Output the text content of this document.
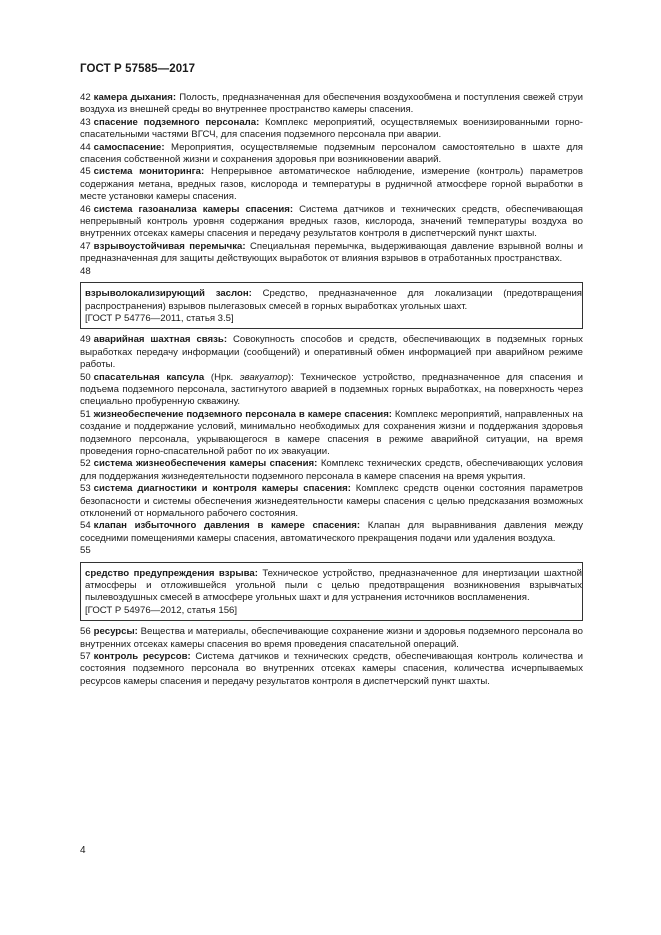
ГОСТ Р 57585—2017

42 камера дыхания: Полость, предназначенная для обеспечения воздухообмена и поступления свежей струи воздуха из внешней среды во внутреннее пространство камеры спасения.

43 спасение подземного персонала: Комплекс мероприятий, осуществляемых военизированными горно-спасательными частями ВГСЧ, для спасения подземного персонала при аварии.

44 самоспасение: Мероприятия, осуществляемые подземным персоналом самостоятельно в шахте для спасения собственной жизни и сохранения здоровья при возникновении аварий.

45 система мониторинга: Непрерывное автоматическое наблюдение, измерение (контроль) параметров содержания метана, вредных газов, кислорода и температуры в рудничной атмосфере горной выработки в месте установки камеры спасения.

46 система газоанализа камеры спасения: Система датчиков и технических средств, обеспечивающая непрерывный контроль уровня содержания вредных газов, кислорода, значений температуры воздуха во внутренних отсеках камеры спасения и передачу результатов контроля в диспетчерский пункт шахты.

47 взрывоустойчивая перемычка: Специальная перемычка, выдерживающая давление взрывной волны и предназначенная для защиты действующих выработок от влияния взрывов в отработанных пространствах.

48

взрыволокализирующий заслон: Средство, предназначенное для локализации (предотвращения распространения) взрывов пылегазовых смесей в горных выработках угольных шахт.

[ГОСТ Р 54776—2011, статья 3.5]

49 аварийная шахтная связь: Совокупность способов и средств, обеспечивающих в подземных горных выработках передачу информации (сообщений) и оперативный обмен информацией при аварийном режиме работы.

50 спасательная капсула (Нрк. эвакуатор): Техническое устройство, предназначенное для спасения и подъема подземного персонала, застигнутого аварией в подземных горных выработках, на поверхность через специально пробуренную скважину.

51 жизнеобеспечение подземного персонала в камере спасения: Комплекс мероприятий, направленных на создание и поддержание условий, минимально необходимых для сохранения жизни и поддержания здоровья подземного персонала, укрывающегося в камере спасения в режиме аварийной ситуации, на время проведения горно-спасательной работ по их эвакуации.

52 система жизнеобеспечения камеры спасения: Комплекс технических средств, обеспечивающих условия для поддержания жизнедеятельности подземного персонала в камере спасения на время укрытия.

53 система диагностики и контроля камеры спасения: Комплекс средств оценки состояния параметров безопасности и системы обеспечения жизнедеятельности камеры спасения с целью предсказания возможных отклонений от нормального рабочего состояния.

54 клапан избыточного давления в камере спасения: Клапан для выравнивания давления между соседними помещениями камеры спасения, автоматического прекращения подачи или удаления воздуха.

55

средство предупреждения взрыва: Техническое устройство, предназначенное для инертизации шахтной атмосферы и отложившейся угольной пыли с целью предотвращения возникновения взрывчатых пылевоздушных смесей в атмосфере угольных шахт и для устранения источников воспламенения.

[ГОСТ Р 54976—2012, статья 156]

56 ресурсы: Вещества и материалы, обеспечивающие сохранение жизни и здоровья подземного персонала во внутренних отсеках камеры спасения во время проведения спасательной операций.

57 контроль ресурсов: Система датчиков и технических средств, обеспечивающая контроль количества и состояния подземного персонала во внутренних отсеках камеры спасения, количества исчерпываемых ресурсов камеры спасения и передачу результатов контроля в диспетчерский пункт шахты.

4
